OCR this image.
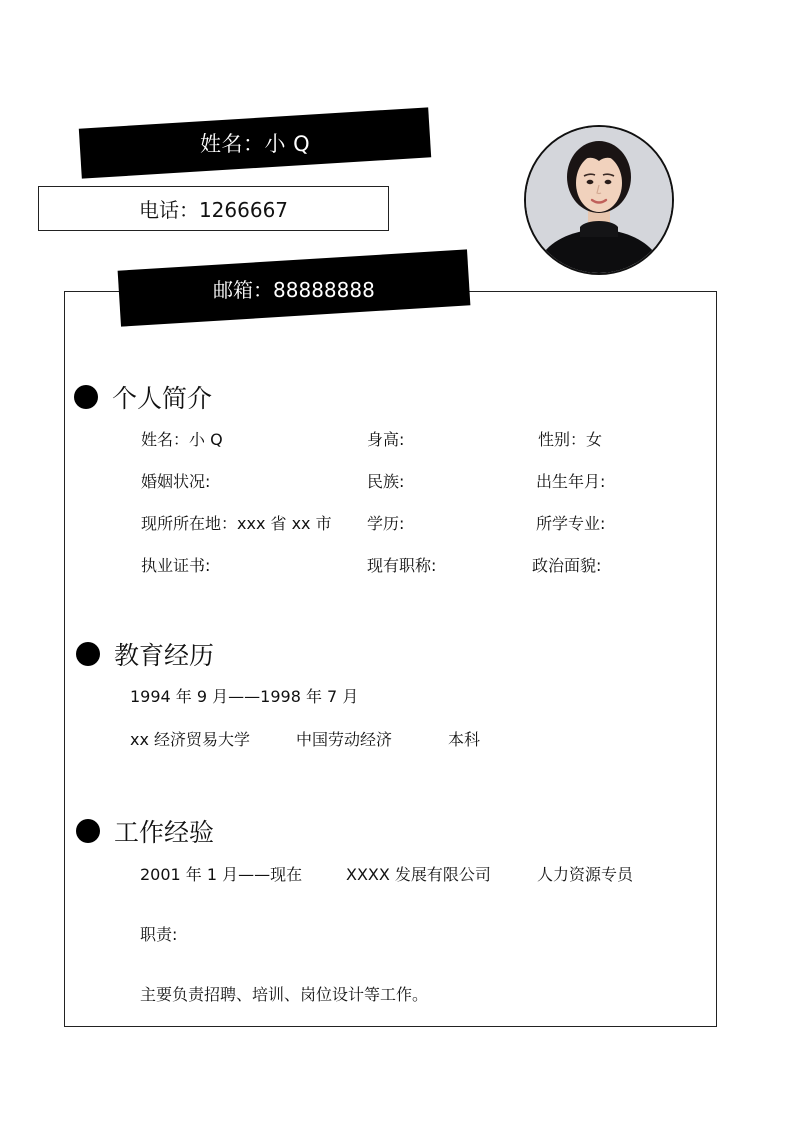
姓名：小 Q
电话：1266667
邮箱：88888888
个人简介
姓名：小 Q	身高:	性别：女
婚姻状况:	民族:	出生年月:
现所所在地：xxx 省 xx 市 学历:	所学专业:
执业证书:	现有职称:	政治面貌:
教育经历
1994 年 9 月——1998 年 7 月
xx 经济贸易大学	中国劳动经济	本科
工作经验
2001 年 1 月——现在	XXXX 发展有限公司	人力资源专员
职责:
主要负责招聘、培训、岗位设计等工作。
